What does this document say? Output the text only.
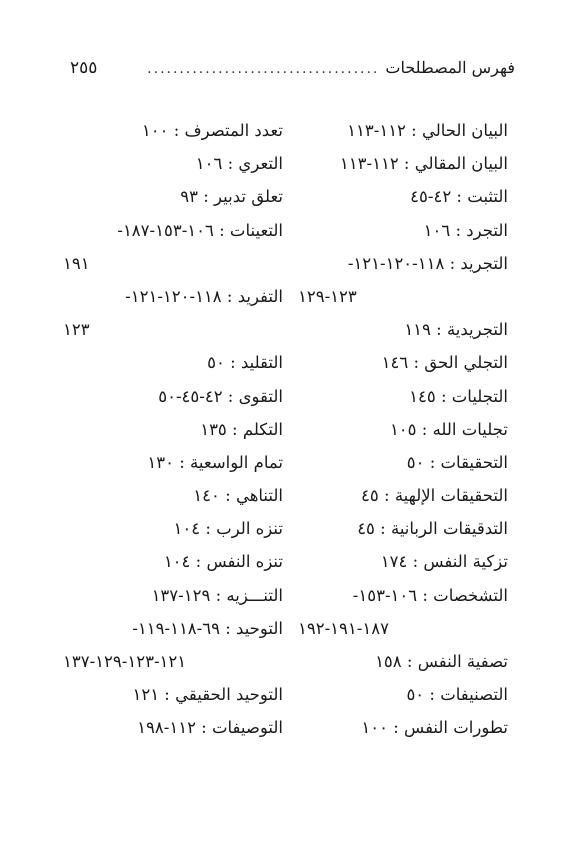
فهرس المصطلحات
....................................
٢٥٥
البيان الحالي : ١١٢-١١٣
البيان المقالي : ١١٢-١١٣
التثبت : ٤٢-٤٥
التجرد : ١٠٦
التجريد : ١١٨-١٢٠-١٢١-
١٢٣-١٢٩
التجريدية : ١١٩
التجلي الحق : ١٤٦
التجليات : ١٤٥
تجليات الله : ١٠٥
التحقيقات : ٥٠
التحقيقات الإلهية : ٤٥
التدقيقات الربانية : ٤٥
تزكية النفس : ١٧٤
التشخصات : ١٠٦-١٥٣-
١٨٧-١٩١-١٩٢
تصفية النفس : ١٥٨
التصنيفات : ٥٠
تطورات النفس : ١٠٠
تعدد المتصرف : ١٠٠
التعري : ١٠٦
تعلق تدبير : ٩٣
التعينات : ١٠٦-١٥٣-١٨٧-
١٩١
التفريد : ١١٨-١٢٠-١٢١-
١٢٣
التقليد : ٥٠
التقوى : ٤٢-٤٥-٥٠
التكلم : ١٣٥
تمام الواسعية : ١٣٠
التناهي : ١٤٠
تنزه الرب : ١٠٤
تنزه النفس : ١٠٤
التنـــزيه : ١٢٩-١٣٧
التوحيد : ٦٩-١١٨-١١٩-
١٢١-١٢٣-١٢٩-١٣٧
التوحيد الحقيقي : ١٢١
التوصيفات : ١١٢-١٩٨
